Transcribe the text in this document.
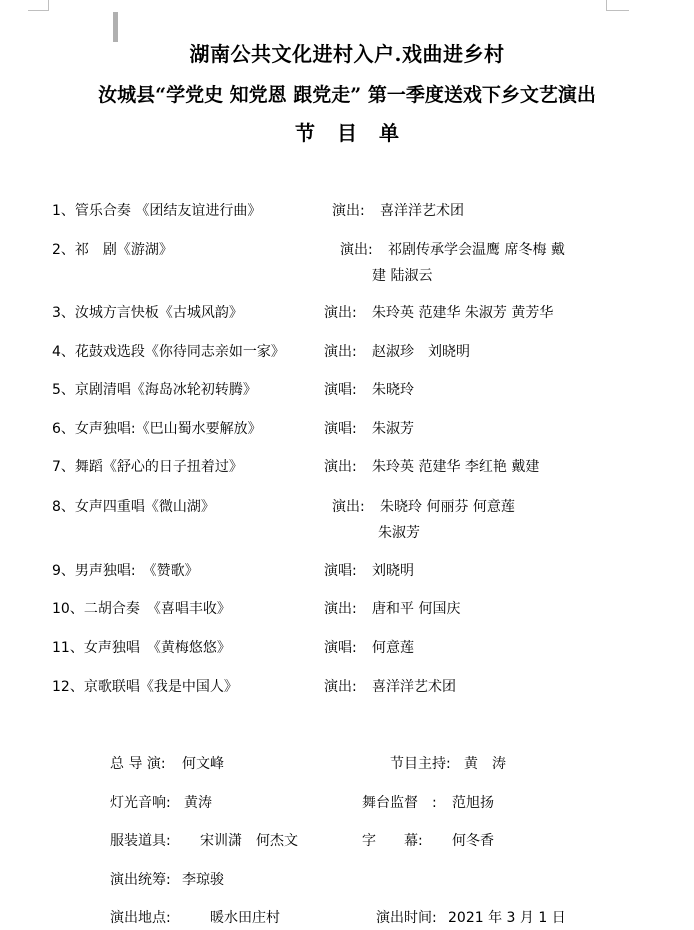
湖南公共文化进村入户.戏曲进乡村
汝城县“学党史 知党恩 跟党走” 第一季度送戏下乡文艺演出
节目单
1、管乐合奏 《团结友谊进行曲》	演出: 喜洋洋艺术团
2、祁　剧《游湖》	演出: 祁剧传承学会温鹰 席冬梅 戴
建 陆淑云
3、汝城方言快板《古城风韵》	演出: 朱玲英 范建华 朱淑芳 黄芳华
4、花鼓戏选段《你待同志亲如一家》	演出: 赵淑珍　刘晓明
5、京剧清唱《海岛冰轮初转腾》	演唱: 朱晓玲
6、女声独唱:《巴山蜀水要解放》	演唱: 朱淑芳
7、舞蹈《舒心的日子扭着过》	演出: 朱玲英 范建华 李红艳 戴建
8、女声四重唱《微山湖》	演出: 朱晓玲 何丽芬 何意莲
朱淑芳
9、男声独唱:　《赞歌》	演唱: 刘晓明
10、二胡合奏　《喜唱丰收》	演出: 唐和平 何国庆
11、女声独唱　《黄梅悠悠》	演唱: 何意莲
12、京歌联唱《我是中国人》	演出: 喜洋洋艺术团
总 导 演: 何文峰	节目主持: 黄　涛
灯光音响: 黄涛	舞台监督　: 范旭扬
服装道具: 宋训潇　何杰文	字　　幕: 何冬香
演出统筹: 李琼骏
演出地点:	暖水田庄村	演出时间: 2021 年 3 月 1 日
